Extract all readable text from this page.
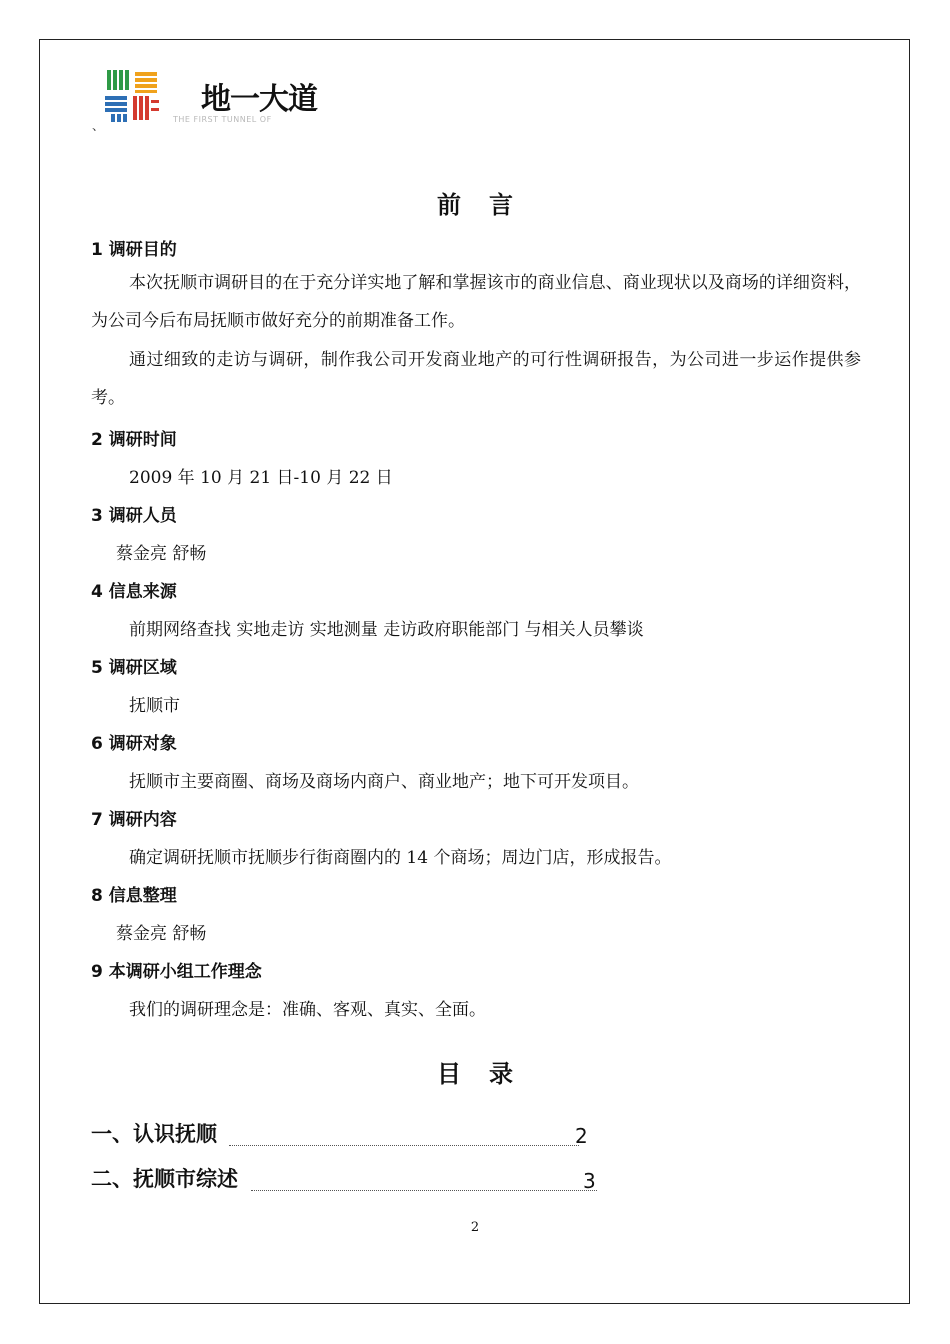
地一大道
THE FIRST TUNNEL OF
、
前言
1 调研目的
本次抚顺市调研目的在于充分详实地了解和掌握该市的商业信息、商业现状以及商场的详细资料，为公司今后布局抚顺市做好充分的前期准备工作。
通过细致的走访与调研，制作我公司开发商业地产的可行性调研报告，为公司进一步运作提供参考。
2 调研时间
2009 年 10 月 21 日-10 月 22 日
3 调研人员
蔡金亮 舒畅
4 信息来源
前期网络查找 实地走访 实地测量 走访政府职能部门 与相关人员攀谈
5 调研区域
抚顺市
6 调研对象
抚顺市主要商圈、商场及商场内商户、商业地产；地下可开发项目。
7 调研内容
确定调研抚顺市抚顺步行街商圈内的 14 个商场；周边门店，形成报告。
8 信息整理
蔡金亮 舒畅
9 本调研小组工作理念
我们的调研理念是：准确、客观、真实、全面。
目录
一、认识抚顺	2
二、抚顺市综述	3
2
